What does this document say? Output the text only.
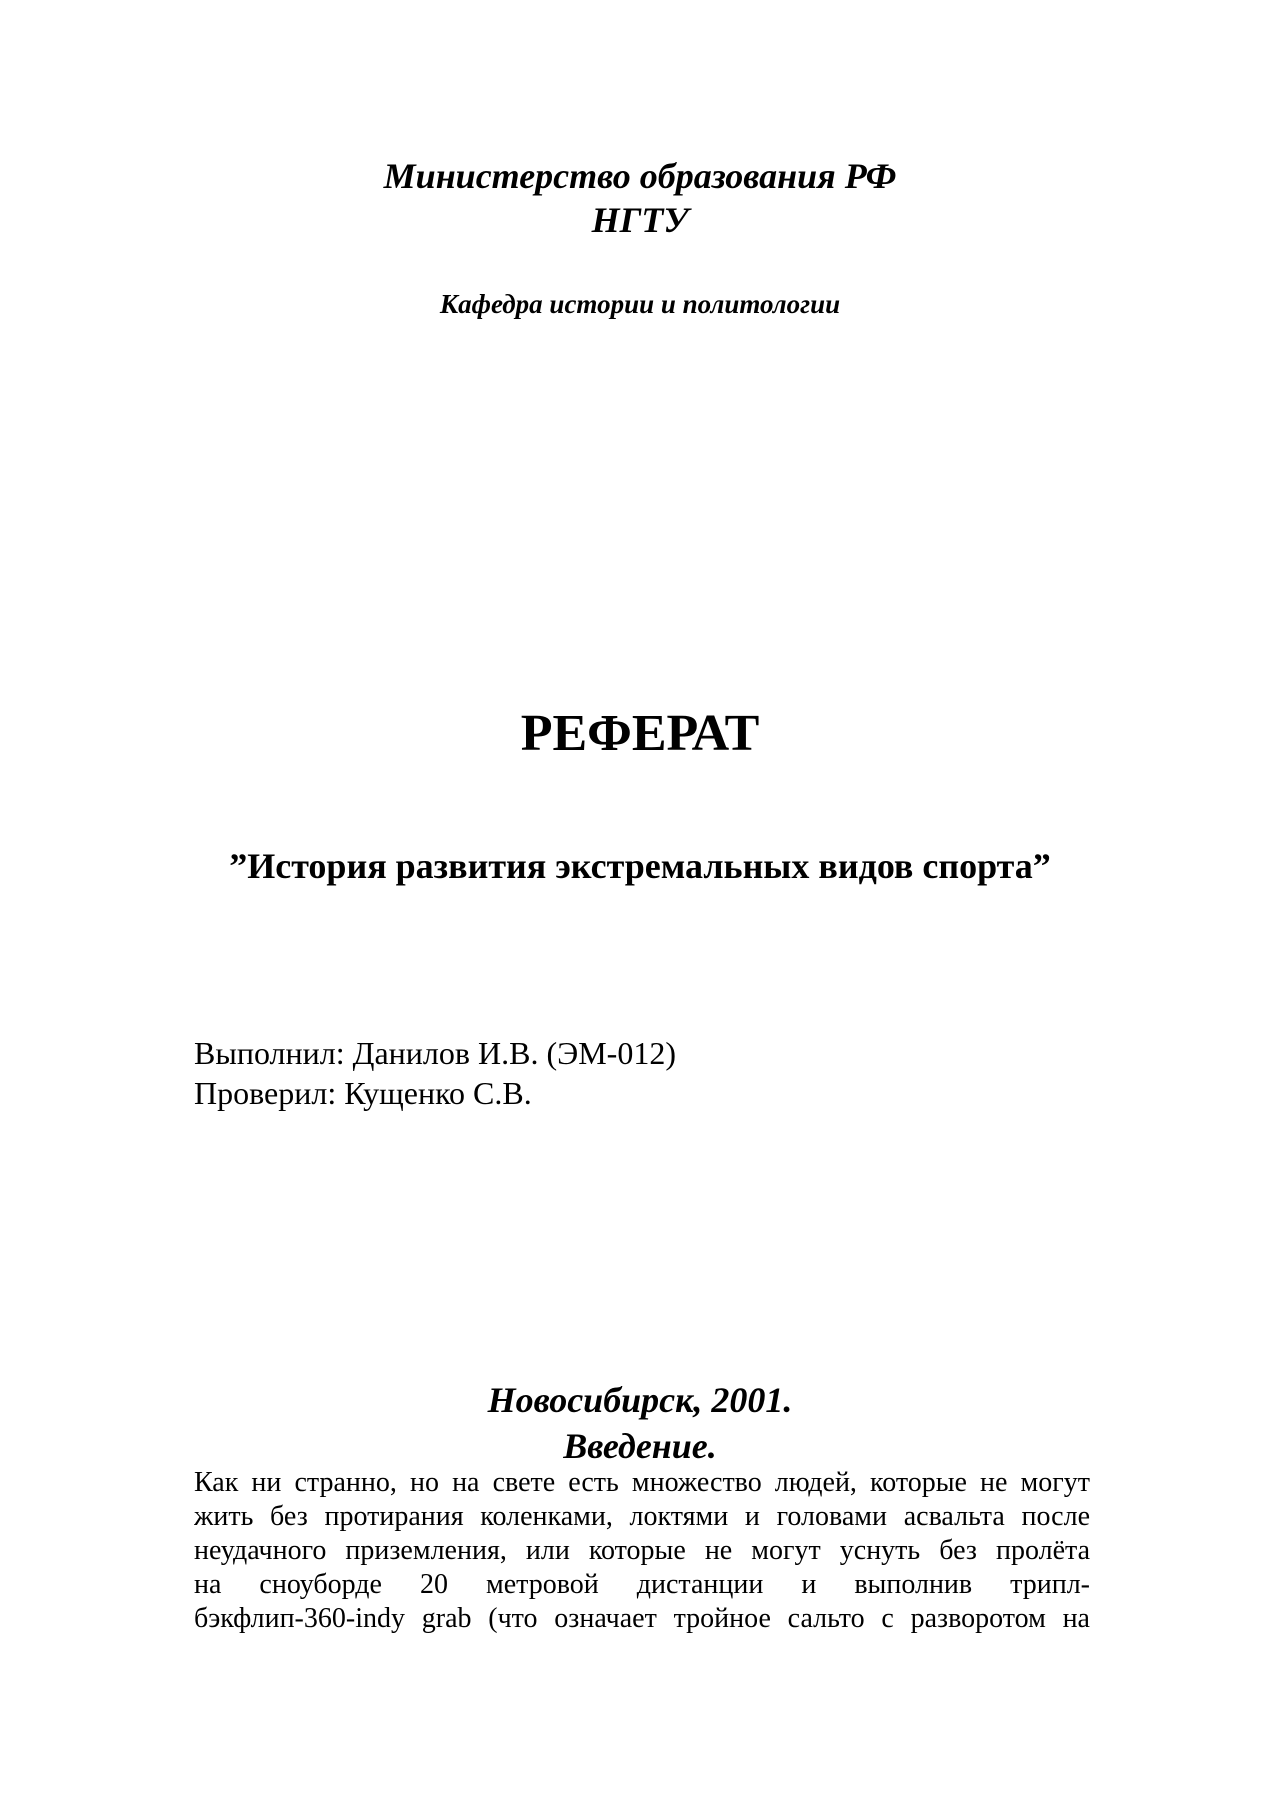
Министерство образования РФ
НГТУ
Кафедра истории и политологии
РЕФЕРАТ
”История развития экстремальных видов спорта”
Выполнил: Данилов И.В. (ЭМ-012)
Проверил: Кущенко С.В.
Новосибирск, 2001.
Введение.
Как ни странно, но на свете есть множество людей, которые не могут
жить без протирания коленками, локтями и головами асвальта после
неудачного приземления, или которые не могут уснуть без пролёта
на сноуборде 20 метровой дистанции и выполнив трипл-
бэкфлип-360-indy grab (что означает тройное сальто с разворотом на
